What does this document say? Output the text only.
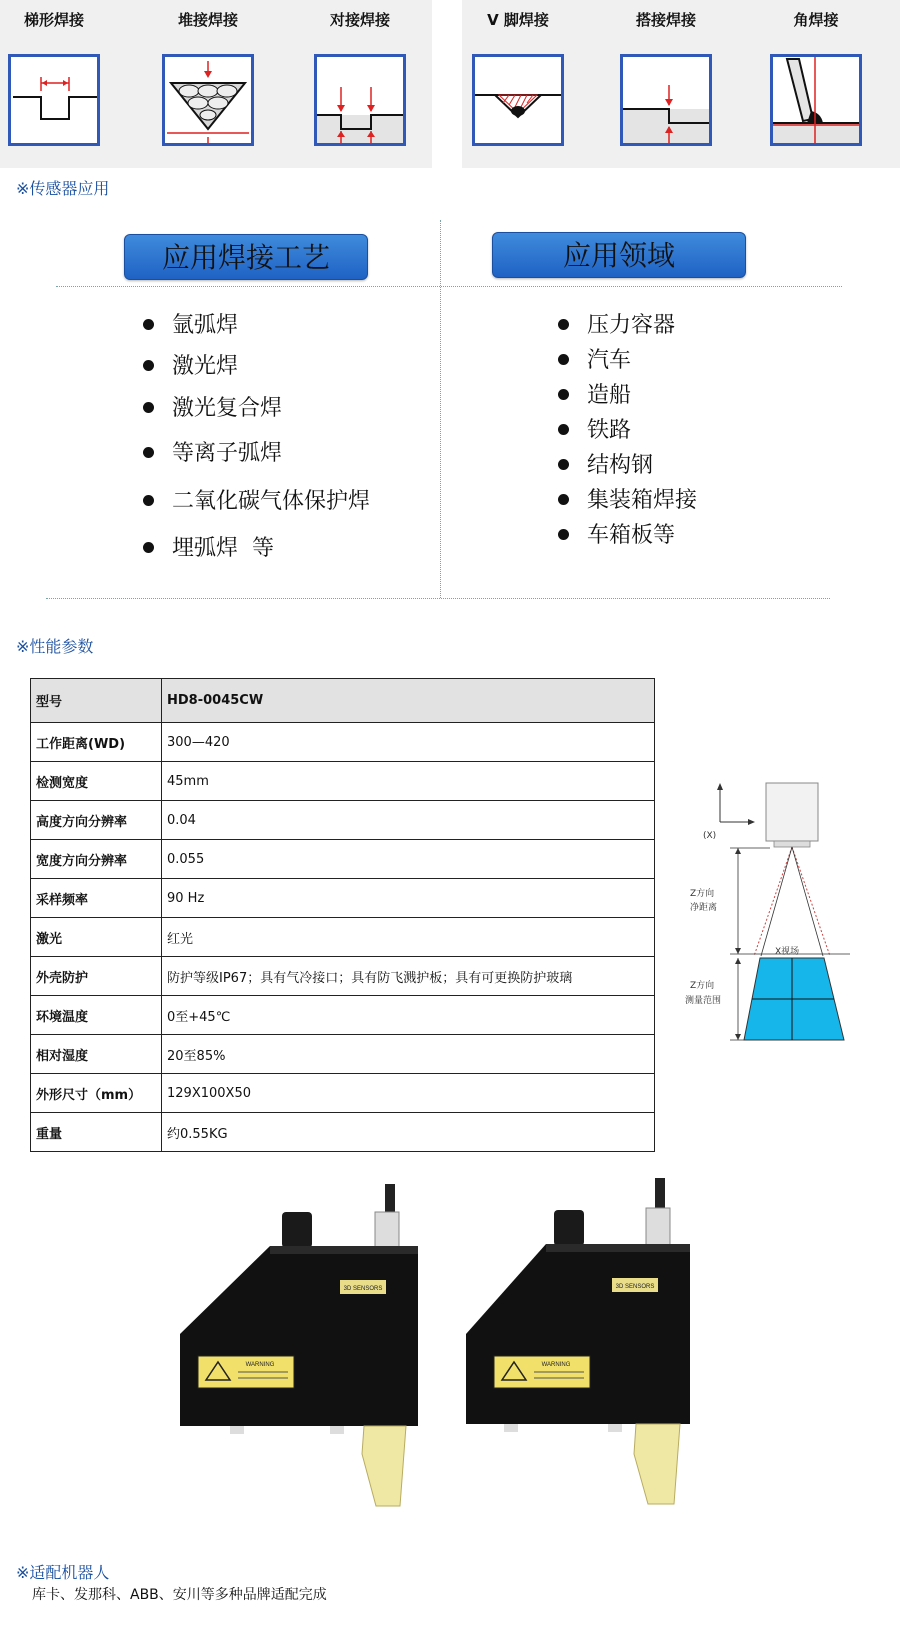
梯形焊接	堆接焊接	对接焊接	V 脚焊接	搭接焊接	角焊接
※传感器应用
应用焊接工艺	应用领域
氩弧焊
激光焊
激光复合焊
等离子弧焊
二氧化碳气体保护焊
埋弧焊  等
压力容器
汽车
造船
铁路
结构钢
集装箱焊接
车箱板等
※性能参数
型号	HD8-0045CW
工作距离(WD)	300—420
检测宽度	45mm
高度方向分辨率	0.04
宽度方向分辨率	0.055
采样频率	90 Hz
激光	红光
外壳防护	防护等级IP67；具有气冷接口；具有防飞溅护板；具有可更换防护玻璃
环境温度	0至+45℃
相对湿度	20至85%
外形尺寸（mm）	129X100X50
重量	约0.55KG
(X)
Z方向
净距离
X视场
Z方向
测量范围
3D SENSORS
WARNING
3D SENSORS
WARNING
※适配机器人
库卡、发那科、ABB、安川等多种品牌适配完成
